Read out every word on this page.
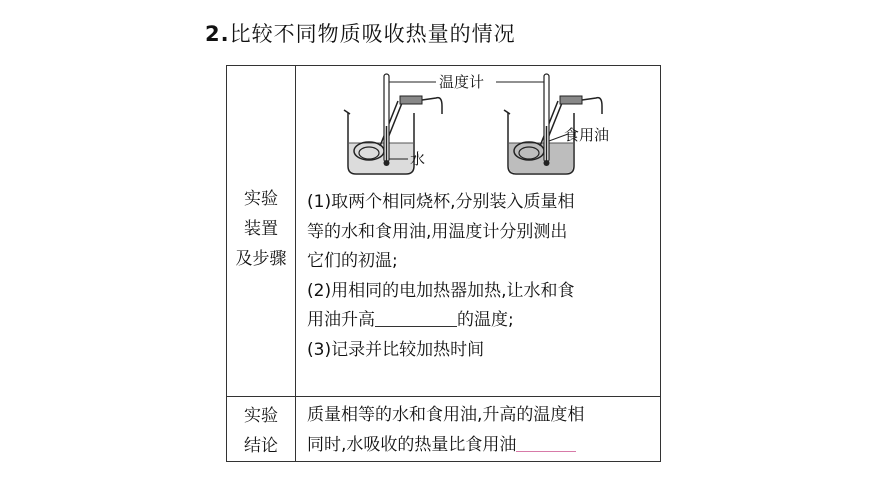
2.比较不同物质吸收热量的情况
温度计
水
食用油
实验
装置
及步骤
(1)取两个相同烧杯,分别装入质量相
等的水和食用油,用温度计分别测出
它们的初温;
(2)用相同的电加热器加热,让水和食
用油升高	的温度;
(3)记录并比较加热时间
实验
结论
质量相等的水和食用油,升高的温度相
同时,水吸收的热量比食用油
